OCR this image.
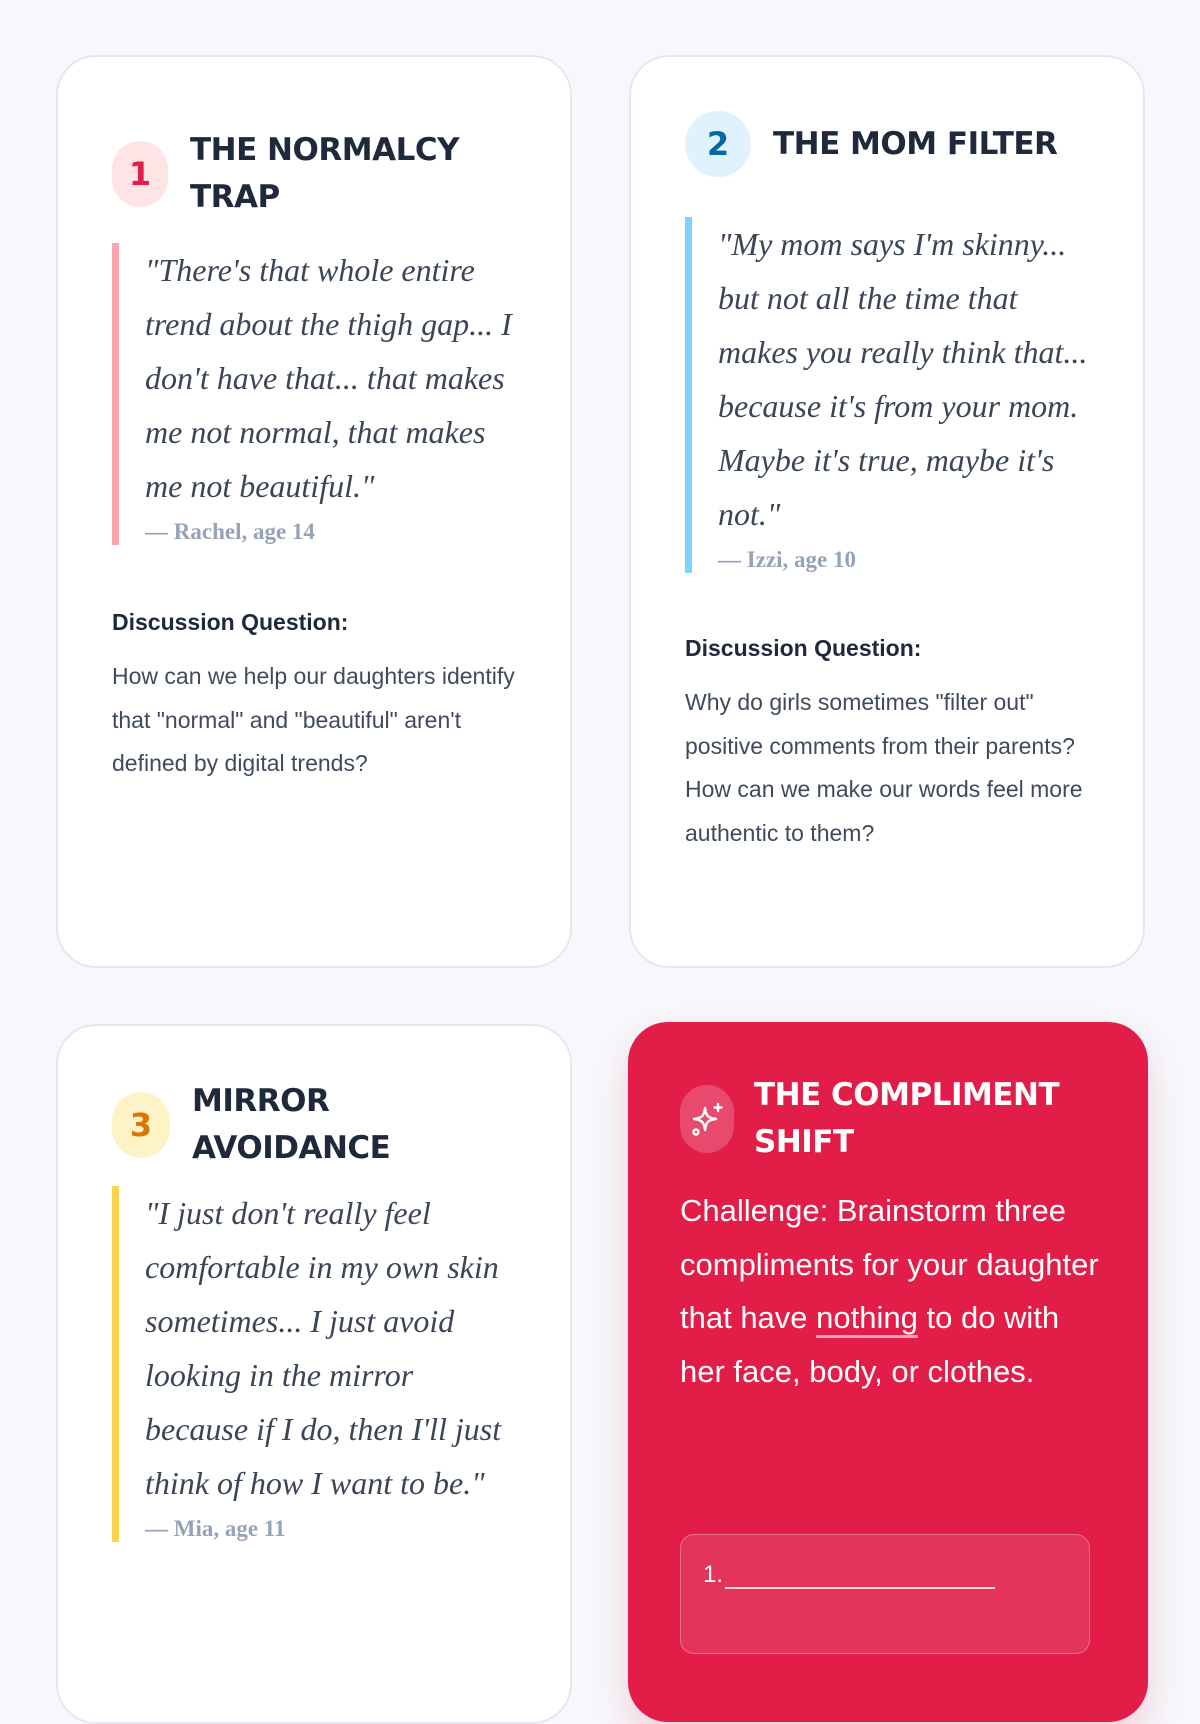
1
THE NORMALCY TRAP

"There's that whole entire trend about the thigh gap... I don't have that... that makes me not normal, that makes me not beautiful."

— Rachel, age 14

Discussion Question:

How can we help our daughters identify that "normal" and "beautiful" aren't defined by digital trends?

2	THE MOM FILTER

"My mom says I'm skinny... but not all the time that makes you really think that... because it's from your mom. Maybe it's true, maybe it's not."

— Izzi, age 10

Discussion Question:

Why do girls sometimes "filter out" positive comments from their parents? How can we make our words feel more authentic to them?

3
MIRROR AVOIDANCE

"I just don't really feel comfortable in my own skin sometimes... I just avoid looking in the mirror because if I do, then I'll just think of how I want to be."

— Mia, age 11
THE COMPLIMENT SHIFT

Challenge: Brainstorm three compliments for your daughter that have nothing to do with her face, body, or clothes.

1.
